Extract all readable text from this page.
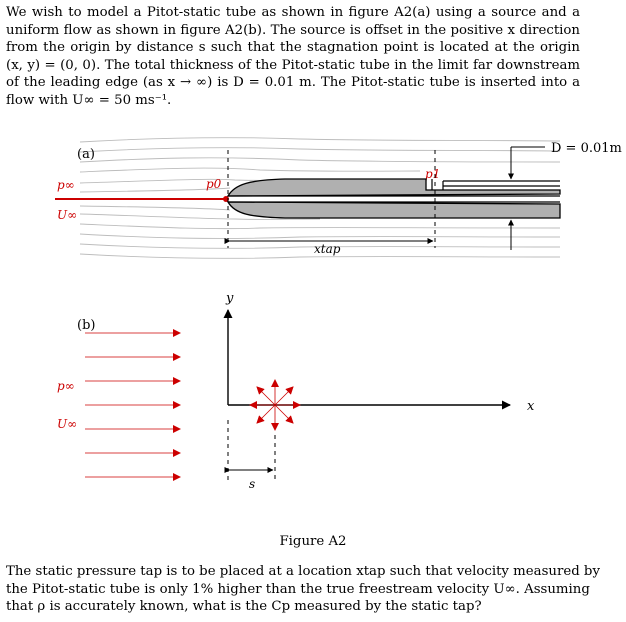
We wish to model a Pitot-static tube as shown in figure A2(a) using a source and a uniform flow as shown in figure A2(b). The source is offset in the positive x direction from the origin by distance s such that the stagnation point is located at the origin (x, y) = (0, 0). The total thickness of the Pitot-static tube in the limit far downstream of the leading edge (as x → ∞) is D = 0.01 m. The Pitot-static tube is inserted into a flow with U∞ = 50 ms⁻¹.

(a)
p∞
U∞
p0
p1
xtap
D = 0.01m
(b)
p∞
U∞
y
x
s
Figure A2

The static pressure tap is to be placed at a location xtap such that velocity measured by the Pitot-static tube is only 1% higher than the true freestream velocity U∞. Assuming that ρ is accurately known, what is the Cp measured by the static tap?
